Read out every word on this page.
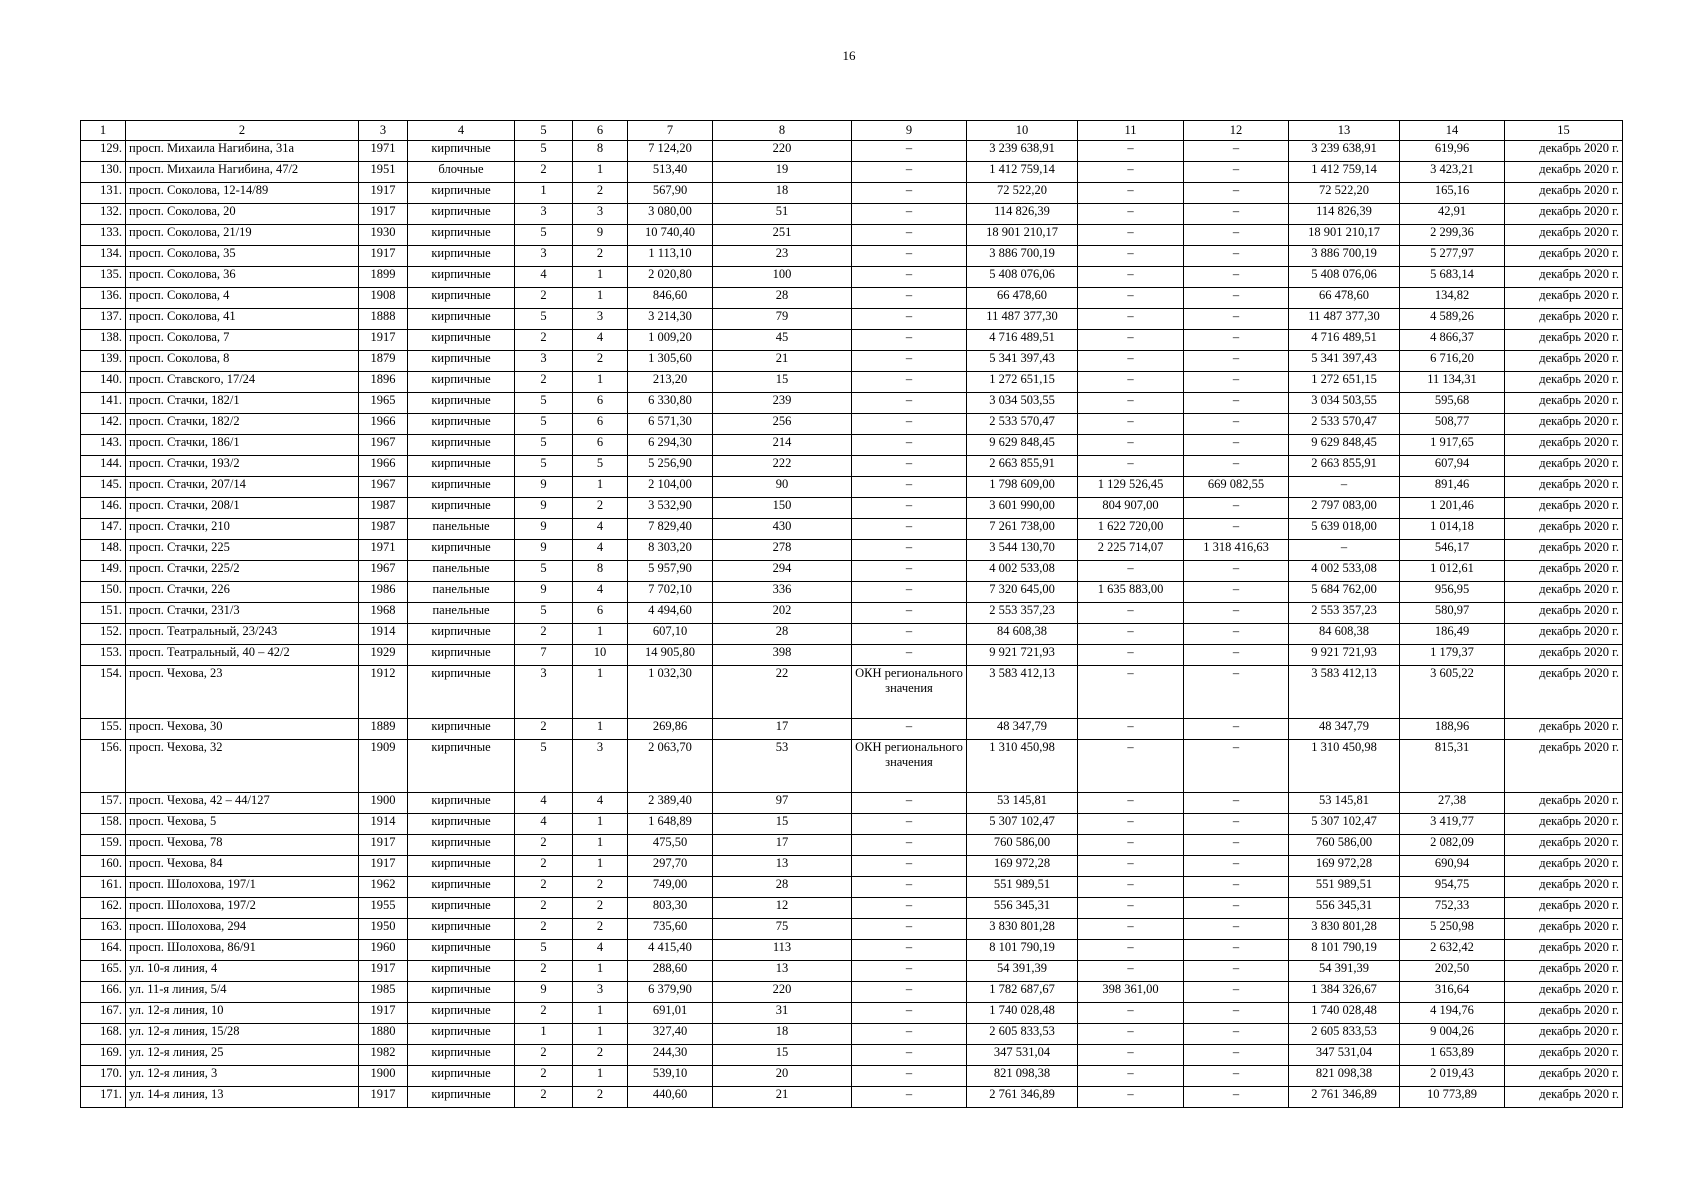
16
1	2	3	4	5	6	7	8	9	10	11	12	13	14	15
129.	просп. Михаила Нагибина, 31а	1971	кирпичные	5	8	7 124,20	220	–	3 239 638,91	–	–	3 239 638,91	619,96	декабрь 2020 г.
130.	просп. Михаила Нагибина, 47/2	1951	блочные	2	1	513,40	19	–	1 412 759,14	–	–	1 412 759,14	3 423,21	декабрь 2020 г.
131.	просп. Соколова, 12-14/89	1917	кирпичные	1	2	567,90	18	–	72 522,20	–	–	72 522,20	165,16	декабрь 2020 г.
132.	просп. Соколова, 20	1917	кирпичные	3	3	3 080,00	51	–	114 826,39	–	–	114 826,39	42,91	декабрь 2020 г.
133.	просп. Соколова, 21/19	1930	кирпичные	5	9	10 740,40	251	–	18 901 210,17	–	–	18 901 210,17	2 299,36	декабрь 2020 г.
134.	просп. Соколова, 35	1917	кирпичные	3	2	1 113,10	23	–	3 886 700,19	–	–	3 886 700,19	5 277,97	декабрь 2020 г.
135.	просп. Соколова, 36	1899	кирпичные	4	1	2 020,80	100	–	5 408 076,06	–	–	5 408 076,06	5 683,14	декабрь 2020 г.
136.	просп. Соколова, 4	1908	кирпичные	2	1	846,60	28	–	66 478,60	–	–	66 478,60	134,82	декабрь 2020 г.
137.	просп. Соколова, 41	1888	кирпичные	5	3	3 214,30	79	–	11 487 377,30	–	–	11 487 377,30	4 589,26	декабрь 2020 г.
138.	просп. Соколова, 7	1917	кирпичные	2	4	1 009,20	45	–	4 716 489,51	–	–	4 716 489,51	4 866,37	декабрь 2020 г.
139.	просп. Соколова, 8	1879	кирпичные	3	2	1 305,60	21	–	5 341 397,43	–	–	5 341 397,43	6 716,20	декабрь 2020 г.
140.	просп. Ставского, 17/24	1896	кирпичные	2	1	213,20	15	–	1 272 651,15	–	–	1 272 651,15	11 134,31	декабрь 2020 г.
141.	просп. Стачки, 182/1	1965	кирпичные	5	6	6 330,80	239	–	3 034 503,55	–	–	3 034 503,55	595,68	декабрь 2020 г.
142.	просп. Стачки, 182/2	1966	кирпичные	5	6	6 571,30	256	–	2 533 570,47	–	–	2 533 570,47	508,77	декабрь 2020 г.
143.	просп. Стачки, 186/1	1967	кирпичные	5	6	6 294,30	214	–	9 629 848,45	–	–	9 629 848,45	1 917,65	декабрь 2020 г.
144.	просп. Стачки, 193/2	1966	кирпичные	5	5	5 256,90	222	–	2 663 855,91	–	–	2 663 855,91	607,94	декабрь 2020 г.
145.	просп. Стачки, 207/14	1967	кирпичные	9	1	2 104,00	90	–	1 798 609,00	1 129 526,45	669 082,55	–	891,46	декабрь 2020 г.
146.	просп. Стачки, 208/1	1987	кирпичные	9	2	3 532,90	150	–	3 601 990,00	804 907,00	–	2 797 083,00	1 201,46	декабрь 2020 г.
147.	просп. Стачки, 210	1987	панельные	9	4	7 829,40	430	–	7 261 738,00	1 622 720,00	–	5 639 018,00	1 014,18	декабрь 2020 г.
148.	просп. Стачки, 225	1971	кирпичные	9	4	8 303,20	278	–	3 544 130,70	2 225 714,07	1 318 416,63	–	546,17	декабрь 2020 г.
149.	просп. Стачки, 225/2	1967	панельные	5	8	5 957,90	294	–	4 002 533,08	–	–	4 002 533,08	1 012,61	декабрь 2020 г.
150.	просп. Стачки, 226	1986	панельные	9	4	7 702,10	336	–	7 320 645,00	1 635 883,00	–	5 684 762,00	956,95	декабрь 2020 г.
151.	просп. Стачки, 231/3	1968	панельные	5	6	4 494,60	202	–	2 553 357,23	–	–	2 553 357,23	580,97	декабрь 2020 г.
152.	просп. Театральный, 23/243	1914	кирпичные	2	1	607,10	28	–	84 608,38	–	–	84 608,38	186,49	декабрь 2020 г.
153.	просп. Театральный, 40 – 42/2	1929	кирпичные	7	10	14 905,80	398	–	9 921 721,93	–	–	9 921 721,93	1 179,37	декабрь 2020 г.
154.	просп. Чехова, 23	1912	кирпичные	3	1	1 032,30	22	ОКН регионального значения	3 583 412,13	–	–	3 583 412,13	3 605,22	декабрь 2020 г.
155.	просп. Чехова, 30	1889	кирпичные	2	1	269,86	17	–	48 347,79	–	–	48 347,79	188,96	декабрь 2020 г.
156.	просп. Чехова, 32	1909	кирпичные	5	3	2 063,70	53	ОКН регионального значения	1 310 450,98	–	–	1 310 450,98	815,31	декабрь 2020 г.
157.	просп. Чехова, 42 – 44/127	1900	кирпичные	4	4	2 389,40	97	–	53 145,81	–	–	53 145,81	27,38	декабрь 2020 г.
158.	просп. Чехова, 5	1914	кирпичные	4	1	1 648,89	15	–	5 307 102,47	–	–	5 307 102,47	3 419,77	декабрь 2020 г.
159.	просп. Чехова, 78	1917	кирпичные	2	1	475,50	17	–	760 586,00	–	–	760 586,00	2 082,09	декабрь 2020 г.
160.	просп. Чехова, 84	1917	кирпичные	2	1	297,70	13	–	169 972,28	–	–	169 972,28	690,94	декабрь 2020 г.
161.	просп. Шолохова, 197/1	1962	кирпичные	2	2	749,00	28	–	551 989,51	–	–	551 989,51	954,75	декабрь 2020 г.
162.	просп. Шолохова, 197/2	1955	кирпичные	2	2	803,30	12	–	556 345,31	–	–	556 345,31	752,33	декабрь 2020 г.
163.	просп. Шолохова, 294	1950	кирпичные	2	2	735,60	75	–	3 830 801,28	–	–	3 830 801,28	5 250,98	декабрь 2020 г.
164.	просп. Шолохова, 86/91	1960	кирпичные	5	4	4 415,40	113	–	8 101 790,19	–	–	8 101 790,19	2 632,42	декабрь 2020 г.
165.	ул. 10-я линия, 4	1917	кирпичные	2	1	288,60	13	–	54 391,39	–	–	54 391,39	202,50	декабрь 2020 г.
166.	ул. 11-я линия, 5/4	1985	кирпичные	9	3	6 379,90	220	–	1 782 687,67	398 361,00	–	1 384 326,67	316,64	декабрь 2020 г.
167.	ул. 12-я линия, 10	1917	кирпичные	2	1	691,01	31	–	1 740 028,48	–	–	1 740 028,48	4 194,76	декабрь 2020 г.
168.	ул. 12-я линия, 15/28	1880	кирпичные	1	1	327,40	18	–	2 605 833,53	–	–	2 605 833,53	9 004,26	декабрь 2020 г.
169.	ул. 12-я линия, 25	1982	кирпичные	2	2	244,30	15	–	347 531,04	–	–	347 531,04	1 653,89	декабрь 2020 г.
170.	ул. 12-я линия, 3	1900	кирпичные	2	1	539,10	20	–	821 098,38	–	–	821 098,38	2 019,43	декабрь 2020 г.
171.	ул. 14-я линия, 13	1917	кирпичные	2	2	440,60	21	–	2 761 346,89	–	–	2 761 346,89	10 773,89	декабрь 2020 г.
